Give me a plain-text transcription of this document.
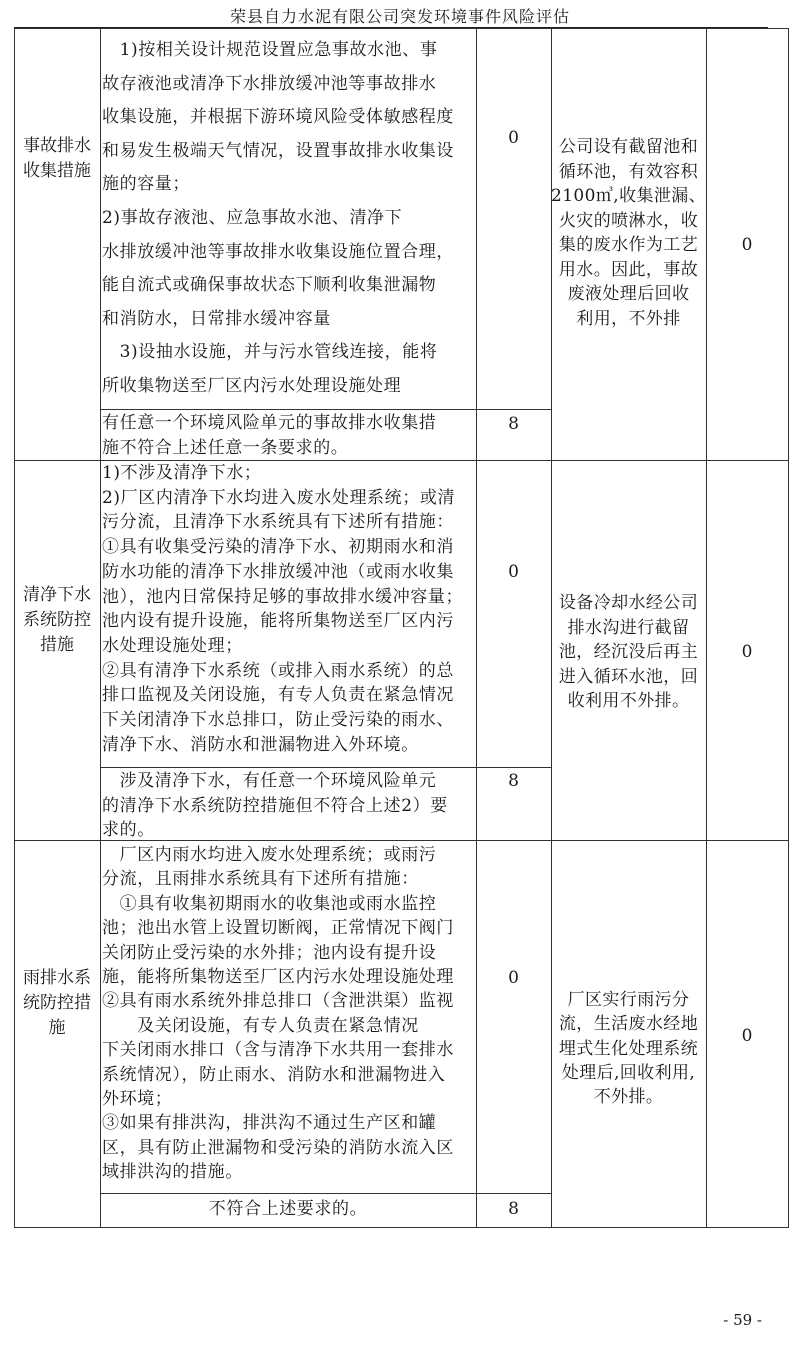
荣县自力水泥有限公司突发环境事件风险评估
事故排水
收集措施
　1)按相关设计规范设置应急事故水池、事
故存液池或清净下水排放缓冲池等事故排水
收集设施，并根据下游环境风险受体敏感程度
和易发生极端天气情况，设置事故排水收集设
施的容量；
2)事故存液池、应急事故水池、清净下
水排放缓冲池等事故排水收集设施位置合理，
能自流式或确保事故状态下顺利收集泄漏物
和消防水，日常排水缓冲容量
　3)设抽水设施，并与污水管线连接，能将
所收集物送至厂区内污水处理设施处理
有任意一个环境风险单元的事故排水收集措
施不符合上述任意一条要求的。
0
8
公司设有截留池和
循环池，有效容积
2100㎥,收集泄漏、
火灾的喷淋水，收
集的废水作为工艺
用水。因此，事故
废液处理后回收
利用，不外排
0
清净下水
系统防控
措施
1)不涉及清净下水；
2)厂区内清净下水均进入废水处理系统；或清
污分流，且清净下水系统具有下述所有措施：
①具有收集受污染的清净下水、初期雨水和消
防水功能的清净下水排放缓冲池（或雨水收集
池），池内日常保持足够的事故排水缓冲容量；
池内设有提升设施，能将所集物送至厂区内污
水处理设施处理；
②具有清净下水系统（或排入雨水系统）的总
排口监视及关闭设施，有专人负责在紧急情况
下关闭清净下水总排口，防止受污染的雨水、
清净下水、消防水和泄漏物进入外环境。
　涉及清净下水，有任意一个环境风险单元
的清净下水系统防控措施但不符合上述2）要
求的。
0
8
设备冷却水经公司
排水沟进行截留
池，经沉没后再主
进入循环水池，回
收利用不外排。
0
雨排水系
统防控措
施
　厂区内雨水均进入废水处理系统；或雨污
分流，且雨排水系统具有下述所有措施：
　①具有收集初期雨水的收集池或雨水监控
池；池出水管上设置切断阀，正常情况下阀门
关闭防止受污染的水外排；池内设有提升设
施，能将所集物送至厂区内污水处理设施处理
②具有雨水系统外排总排口（含泄洪渠）监视
　　及关闭设施，有专人负责在紧急情况
下关闭雨水排口（含与清净下水共用一套排水
系统情况），防止雨水、消防水和泄漏物进入
外环境；
③如果有排洪沟，排洪沟不通过生产区和罐
区，具有防止泄漏物和受污染的消防水流入区
域排洪沟的措施。
不符合上述要求的。
0
8
厂区实行雨污分
流，生活废水经地
埋式生化处理系统
处理后,回收利用,
不外排。
0
- 59 -
